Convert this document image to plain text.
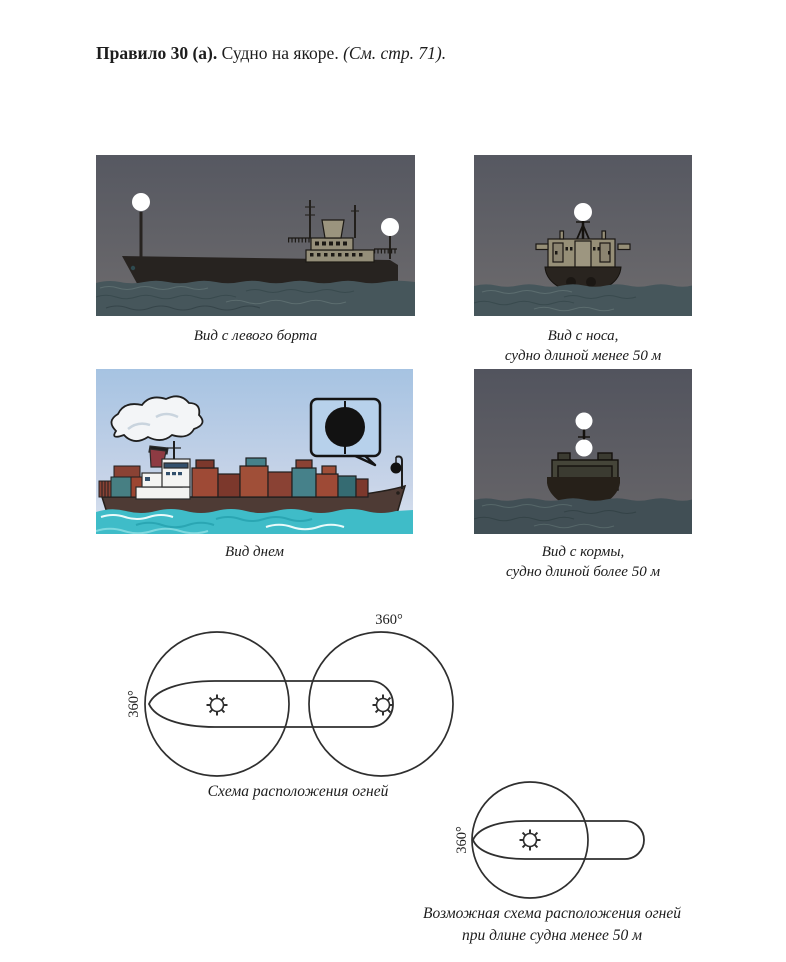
Правило 30 (а). Судно на якоре. (См. стр. 71).
Вид с левого борта	Вид с носа,
судно длиной менее 50 м
Вид днем	Вид с кормы,
судно длиной более 50 м
360°
360°
Схема расположения огней
360°
Возможная схема расположения огней
при длине судна менее 50 м
